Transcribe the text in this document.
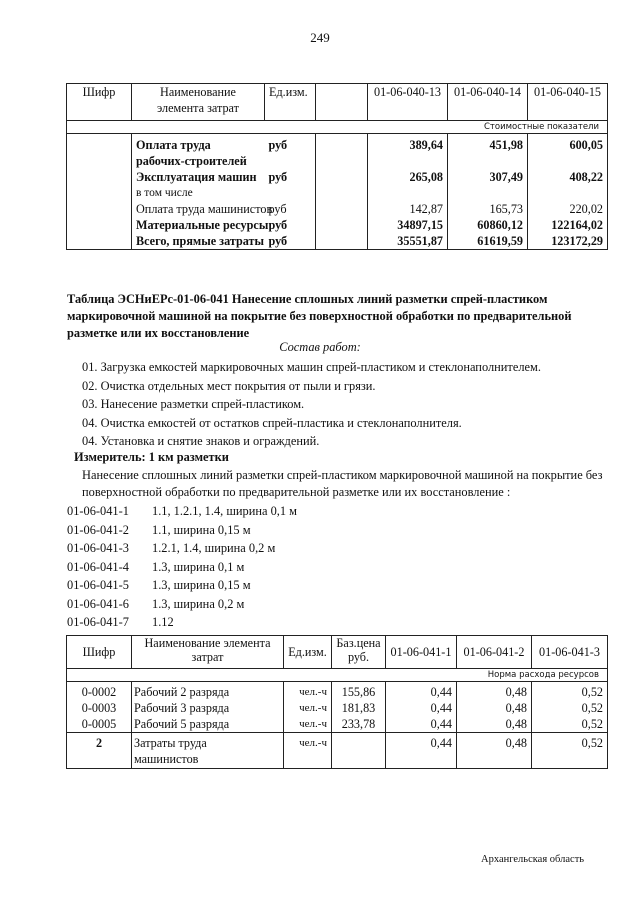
249
Шифр	Наименование элемента затрат	Ед.изм.		01-06-040-13	01-06-040-14	01-06-040-15
Стоимостные показатели						
	Оплата труда рабочих-строителей	руб		389,64	451,98	600,05
	Эксплуатация машин	руб		265,08	307,49	408,22
	в том числе					
	Оплата труда машинистов	руб		142,87	165,73	220,02
	Материальные ресурсы	руб		34897,15	60860,12	122164,02
	Всего, прямые затраты	руб		35551,87	61619,59	123172,29
Таблица ЭСНиЕРс-01-06-041 Нанесение сплошных линий разметки спрей-пластиком маркировочной машиной на покрытие без поверхностной обработки по предварительной разметке или их восстановление
Состав работ:
01. Загрузка емкостей маркировочных машин спрей-пластиком и стеклонаполнителем.
02. Очистка отдельных мест покрытия от пыли и грязи.
03. Нанесение разметки спрей-пластиком.
04. Очистка емкостей от остатков спрей-пластика и стеклонаполнителя.
04. Установка и снятие знаков и ограждений.
Измеритель: 1 км разметки
Нанесение сплошных линий разметки спрей-пластиком маркировочной машиной на покрытие без поверхностной обработки по предварительной разметке или их восстановление :
01-06-041-1 1.1, 1.2.1, 1.4, ширина 0,1 м
01-06-041-2 1.1, ширина 0,15 м
01-06-041-3 1.2.1, 1.4, ширина 0,2 м
01-06-041-4 1.3, ширина 0,1 м
01-06-041-5 1.3, ширина 0,15 м
01-06-041-6 1.3, ширина 0,2 м
01-06-041-7 1.12
Шифр	Наименование элемента затрат	Ед.изм.	Баз.цена руб.	01-06-041-1	01-06-041-2	01-06-041-3
Норма расхода ресурсов						
0-0002	Рабочий 2 разряда	чел.-ч	155,86	0,44	0,48	0,52
0-0003	Рабочий 3 разряда	чел.-ч	181,83	0,44	0,48	0,52
0-0005	Рабочий 5 разряда	чел.-ч	233,78	0,44	0,48	0,52
2	Затраты труда машинистов	чел.-ч		0,44	0,48	0,52
Архангельская область
